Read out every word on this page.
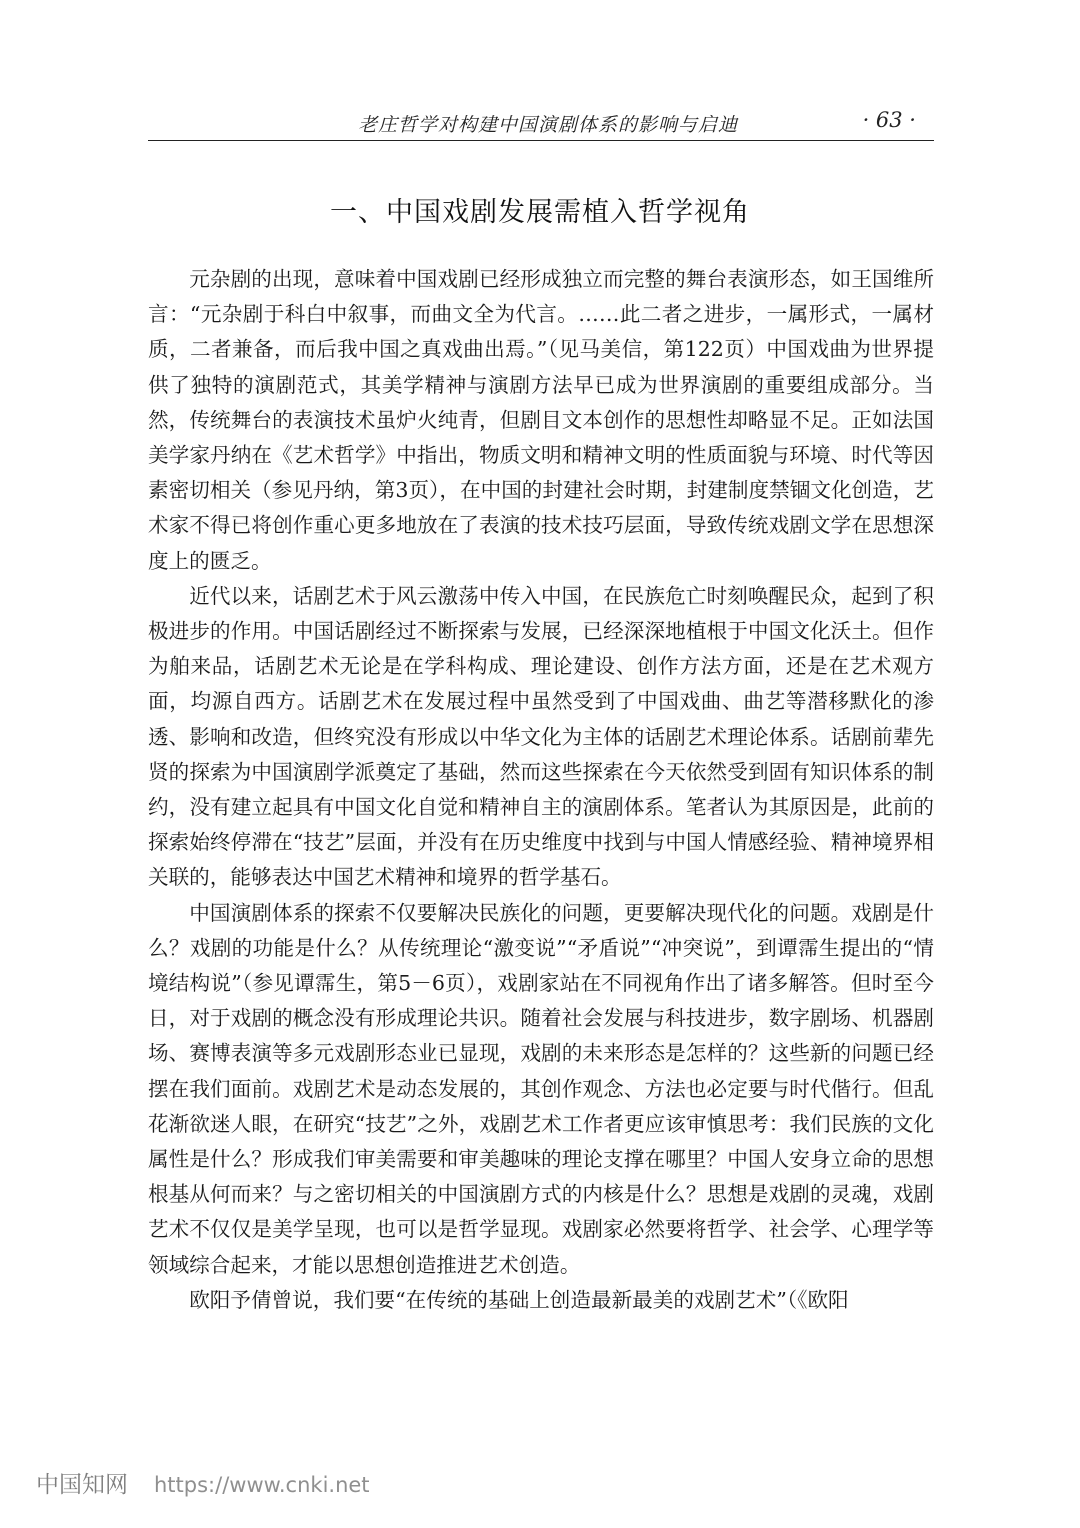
老庄哲学对构建中国演剧体系的影响与启迪	· 63 ·
一、中国戏剧发展需植入哲学视角

元杂剧的出现，意味着中国戏剧已经形成独立而完整的舞台表演形态，如王国维所言：“元杂剧于科白中叙事，而曲文全为代言。……此二者之进步，一属形式，一属材质，二者兼备，而后我中国之真戏曲出焉。”（见马美信，第122页）中国戏曲为世界提供了独特的演剧范式，其美学精神与演剧方法早已成为世界演剧的重要组成部分。当然，传统舞台的表演技术虽炉火纯青，但剧目文本创作的思想性却略显不足。正如法国美学家丹纳在《艺术哲学》中指出，物质文明和精神文明的性质面貌与环境、时代等因素密切相关（参见丹纳，第3页），在中国的封建社会时期，封建制度禁锢文化创造，艺术家不得已将创作重心更多地放在了表演的技术技巧层面，导致传统戏剧文学在思想深度上的匮乏。

近代以来，话剧艺术于风云激荡中传入中国，在民族危亡时刻唤醒民众，起到了积极进步的作用。中国话剧经过不断探索与发展，已经深深地植根于中国文化沃土。但作为舶来品，话剧艺术无论是在学科构成、理论建设、创作方法方面，还是在艺术观方面，均源自西方。话剧艺术在发展过程中虽然受到了中国戏曲、曲艺等潜移默化的渗透、影响和改造，但终究没有形成以中华文化为主体的话剧艺术理论体系。话剧前辈先贤的探索为中国演剧学派奠定了基础，然而这些探索在今天依然受到固有知识体系的制约，没有建立起具有中国文化自觉和精神自主的演剧体系。笔者认为其原因是，此前的探索始终停滞在“技艺”层面，并没有在历史维度中找到与中国人情感经验、精神境界相关联的，能够表达中国艺术精神和境界的哲学基石。

中国演剧体系的探索不仅要解决民族化的问题，更要解决现代化的问题。戏剧是什么？戏剧的功能是什么？从传统理论“激变说”“矛盾说”“冲突说”，到谭霈生提出的“情境结构说”（参见谭霈生，第5－6页），戏剧家站在不同视角作出了诸多解答。但时至今日，对于戏剧的概念没有形成理论共识。随着社会发展与科技进步，数字剧场、机器剧场、赛博表演等多元戏剧形态业已显现，戏剧的未来形态是怎样的？这些新的问题已经摆在我们面前。戏剧艺术是动态发展的，其创作观念、方法也必定要与时代偕行。但乱花渐欲迷人眼，在研究“技艺”之外，戏剧艺术工作者更应该审慎思考：我们民族的文化属性是什么？形成我们审美需要和审美趣味的理论支撑在哪里？中国人安身立命的思想根基从何而来？与之密切相关的中国演剧方式的内核是什么？思想是戏剧的灵魂，戏剧艺术不仅仅是美学呈现，也可以是哲学显现。戏剧家必然要将哲学、社会学、心理学等领域综合起来，才能以思想创造推进艺术创造。

欧阳予倩曾说，我们要“在传统的基础上创造最新最美的戏剧艺术”（《欧阳

中国知网 https://www.cnki.net
